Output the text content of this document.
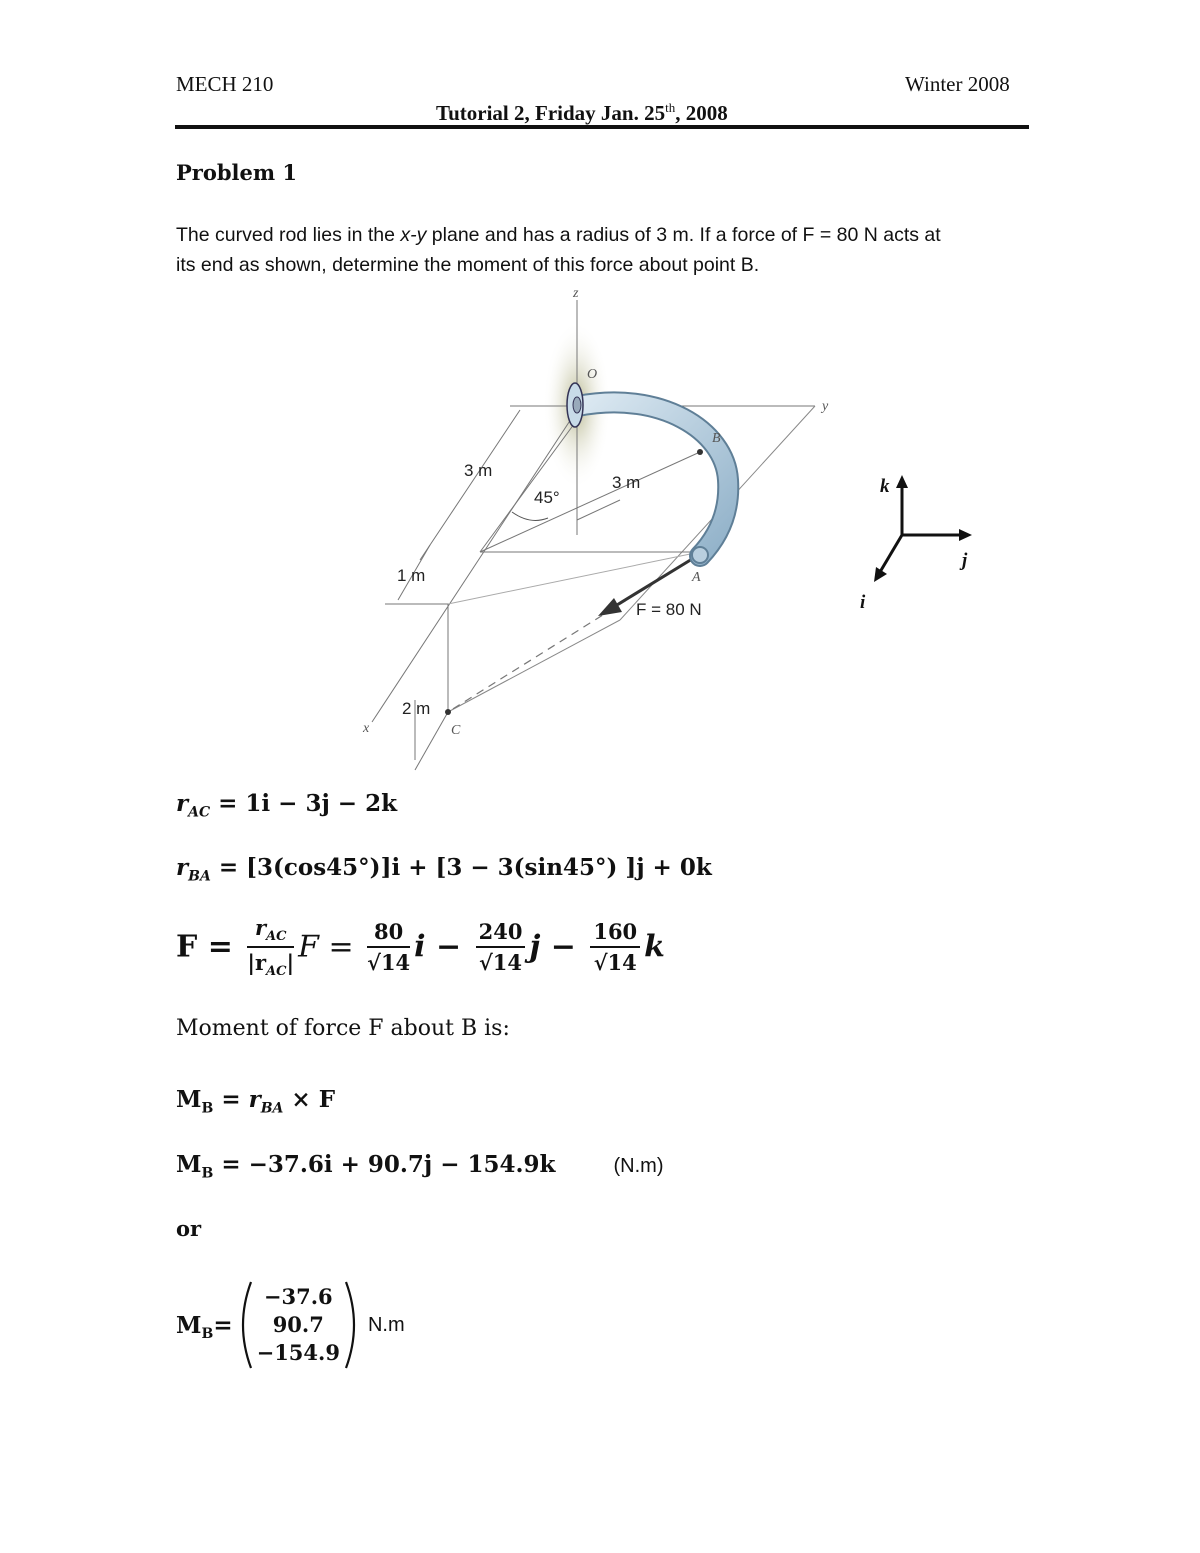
MECH 210	Winter 2008
Tutorial 2, Friday Jan. 25th, 2008
Problem 1
The curved rod lies in the x-y plane and has a radius of 3 m. If a force of F = 80 N acts at
its end as shown, determine the moment of this force about point B.
z
y
x
O
B
A
C
3 m
3 m
45°
1 m
2 m
F = 80 N
k
j
i
$r_{AC} = 1i - 3j - 2k$
$r_{BA} = [3(\cos 45^\circ)]i + [3 - 3(\sin 45^\circ) ]j + 0k$
$F = \frac{r_{AC}}{|r_{AC}|}$ $F = \frac{80}{√14}$ $i - \frac{240}{√14}$ $j - \frac{160}{√14}$ k
Moment of force F about B is:
$M_B = r_{BA} \times F$
$M_B = -37.6i + 90.7j - 154.9k$	(N.m)
or
$M_B$ =
−37.6
90.7
−154.9
N.m
